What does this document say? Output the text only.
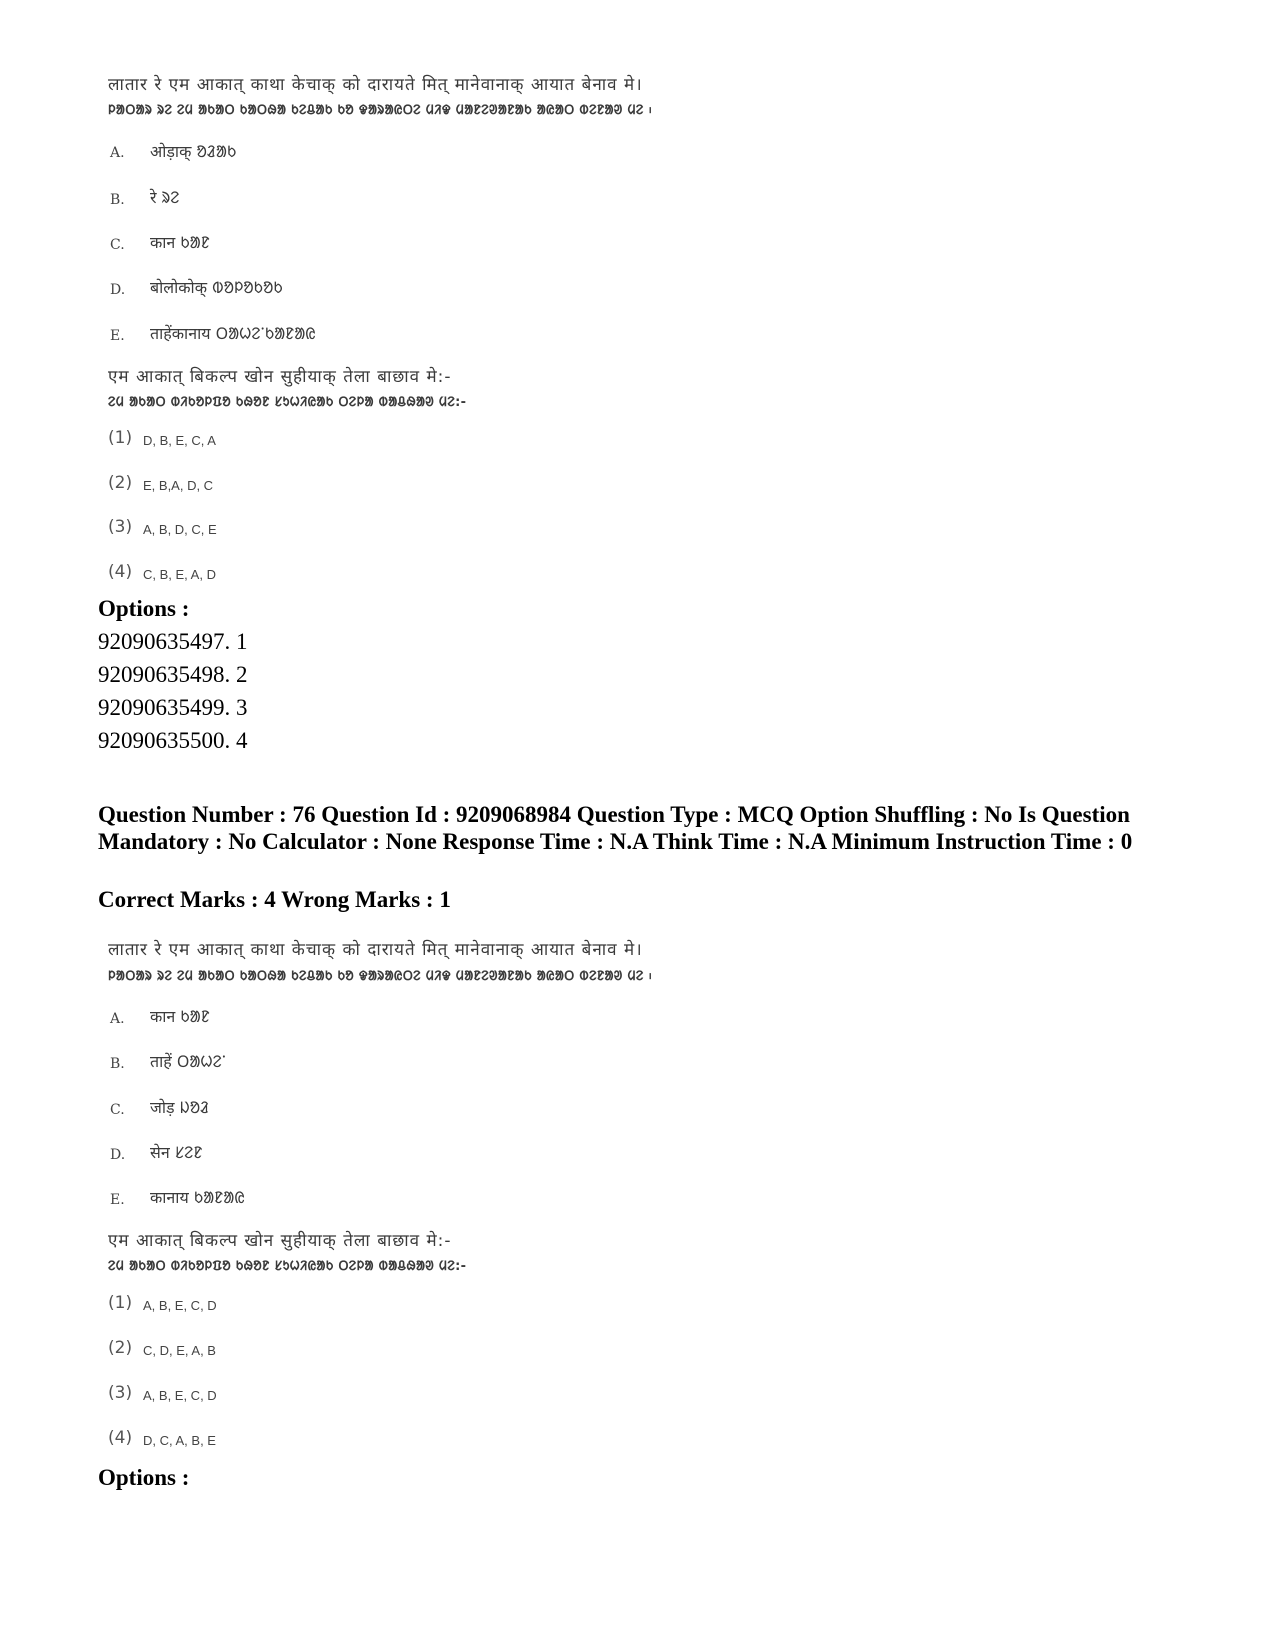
लातार रे एम आकात् काथा केचाक् को दारायते मित् मानेवानाक् आयात बेनाव मे।
ᱞᱟᱛᱟᱨ ᱨᱮ ᱮᱢ ᱟᱠᱟᱛ ᱠᱟᱛᱷᱟ ᱠᱮᱪᱟᱠ ᱠᱚ ᱫᱟᱨᱟᱭᱛᱮ ᱢᱤᱫ ᱢᱟᱱᱮᱣᱟᱱᱟᱠ ᱟᱭᱟᱛ ᱵᱮᱱᱟᱣ ᱢᱮ ᱾
A. ओड़ाक् ᱚᱲᱟᱠ
B. रे ᱨᱮ
C. कान ᱠᱟᱱ
D. बोलोकोक् ᱵᱚᱞᱚᱠᱚᱠ
E. ताहेंकानाय ᱛᱟᱦᱮᱸᱠᱟᱱᱟᱭ
एम आकात् बिकल्प खोन सुहीयाक् तेला बाछाव मे:-
ᱮᱢ ᱟᱠᱟᱛ ᱵᱤᱠᱚᱞᱯᱚ ᱠᱷᱚᱱ ᱥᱩᱦᱤᱭᱟᱠ ᱛᱮᱞᱟ ᱵᱟᱪᱷᱟᱣ ᱢᱮ:-
(1) D, B, E, C, A
(2) E, B,A, D, C
(3) A, B, D, C, E
(4) C, B, E, A, D
Options :
92090635497. 1
92090635498. 2
92090635499. 3
92090635500. 4
Question Number : 76 Question Id : 9209068984 Question Type : MCQ Option Shuffling : No Is Question Mandatory : No Calculator : None Response Time : N.A Think Time : N.A Minimum Instruction Time : 0
Correct Marks : 4 Wrong Marks : 1
लातार रे एम आकात् काथा केचाक् को दारायते मित् मानेवानाक् आयात बेनाव मे।
ᱞᱟᱛᱟᱨ ᱨᱮ ᱮᱢ ᱟᱠᱟᱛ ᱠᱟᱛᱷᱟ ᱠᱮᱪᱟᱠ ᱠᱚ ᱫᱟᱨᱟᱭᱛᱮ ᱢᱤᱫ ᱢᱟᱱᱮᱣᱟᱱᱟᱠ ᱟᱭᱟᱛ ᱵᱮᱱᱟᱣ ᱢᱮ ᱾
A. कान ᱠᱟᱱ
B. ताहें ᱛᱟᱦᱮᱸ
C. जोड़ ᱡᱚᱲ
D. सेन ᱥᱮᱱ
E. कानाय ᱠᱟᱱᱟᱭ
एम आकात् बिकल्प खोन सुहीयाक् तेला बाछाव मे:-
ᱮᱢ ᱟᱠᱟᱛ ᱵᱤᱠᱚᱞᱯᱚ ᱠᱷᱚᱱ ᱥᱩᱦᱤᱭᱟᱠ ᱛᱮᱞᱟ ᱵᱟᱪᱷᱟᱣ ᱢᱮ:-
(1) A, B, E, C, D
(2) C, D, E, A, B
(3) A, B, E, C, D
(4) D, C, A, B, E
Options :
